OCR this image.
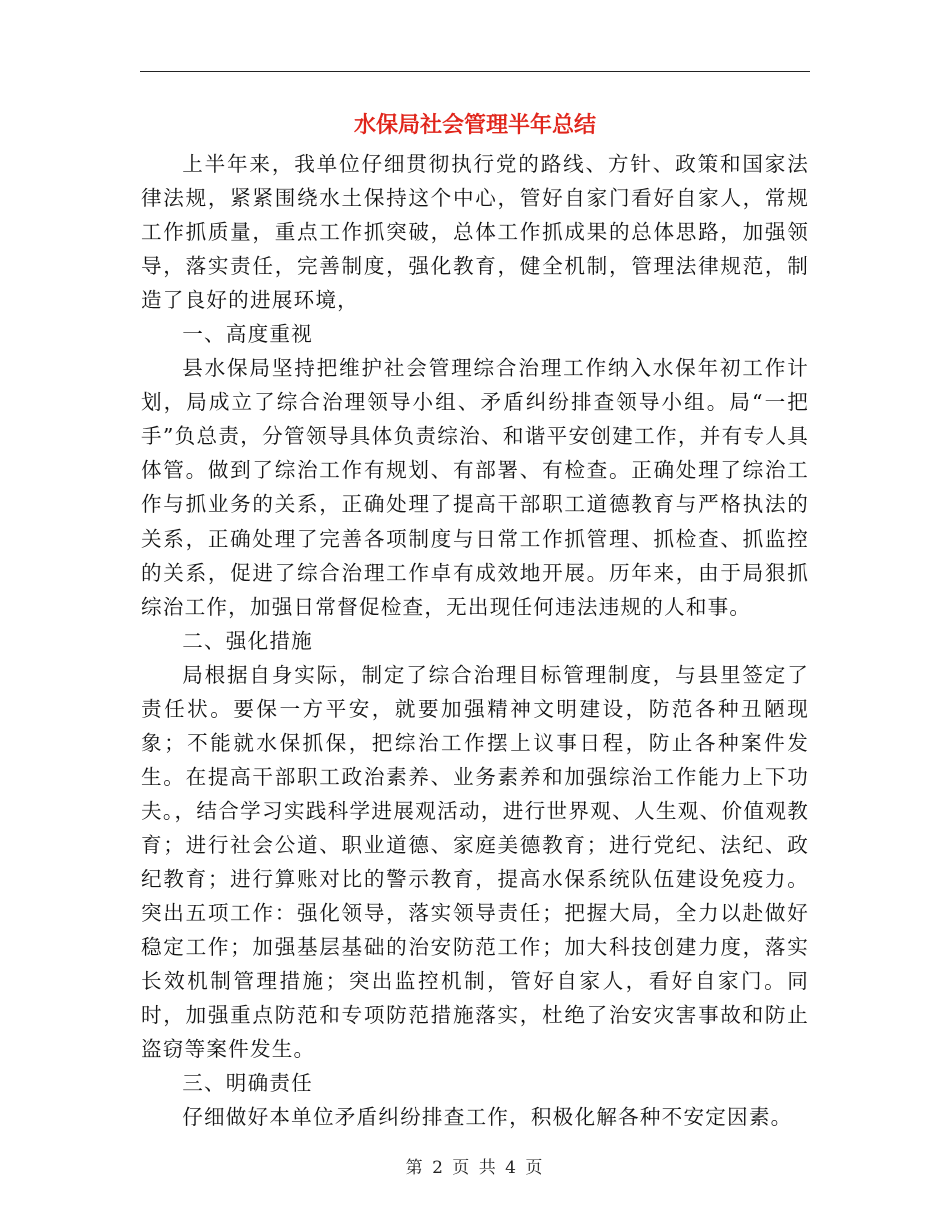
水保局社会管理半年总结

上半年来，我单位仔细贯彻执行党的路线、方针、政策和国家法律法规，紧紧围绕水土保持这个中心，管好自家门看好自家人，常规工作抓质量，重点工作抓突破，总体工作抓成果的总体思路，加强领导，落实责任，完善制度，强化教育，健全机制，管理法律规范，制造了良好的进展环境，

一、高度重视

县水保局坚持把维护社会管理综合治理工作纳入水保年初工作计划，局成立了综合治理领导小组、矛盾纠纷排查领导小组。局“一把手”负总责，分管领导具体负责综治、和谐平安创建工作，并有专人具体管。做到了综治工作有规划、有部署、有检查。正确处理了综治工作与抓业务的关系，正确处理了提高干部职工道德教育与严格执法的关系，正确处理了完善各项制度与日常工作抓管理、抓检查、抓监控的关系，促进了综合治理工作卓有成效地开展。历年来，由于局狠抓综治工作，加强日常督促检查，无出现任何违法违规的人和事。

二、强化措施

局根据自身实际，制定了综合治理目标管理制度，与县里签定了责任状。要保一方平安，就要加强精神文明建设，防范各种丑陋现象；不能就水保抓保，把综治工作摆上议事日程，防止各种案件发生。在提高干部职工政治素养、业务素养和加强综治工作能力上下功夫。，结合学习实践科学进展观活动，进行世界观、人生观、价值观教育；进行社会公道、职业道德、家庭美德教育；进行党纪、法纪、政纪教育；进行算账对比的警示教育，提高水保系统队伍建设免疫力。突出五项工作：强化领导，落实领导责任；把握大局，全力以赴做好稳定工作；加强基层基础的治安防范工作；加大科技创建力度，落实长效机制管理措施；突出监控机制，管好自家人，看好自家门。同时，加强重点防范和专项防范措施落实，杜绝了治安灾害事故和防止盗窃等案件发生。

三、明确责任

仔细做好本单位矛盾纠纷排查工作，积极化解各种不安定因素。

第 2 页 共 4 页
